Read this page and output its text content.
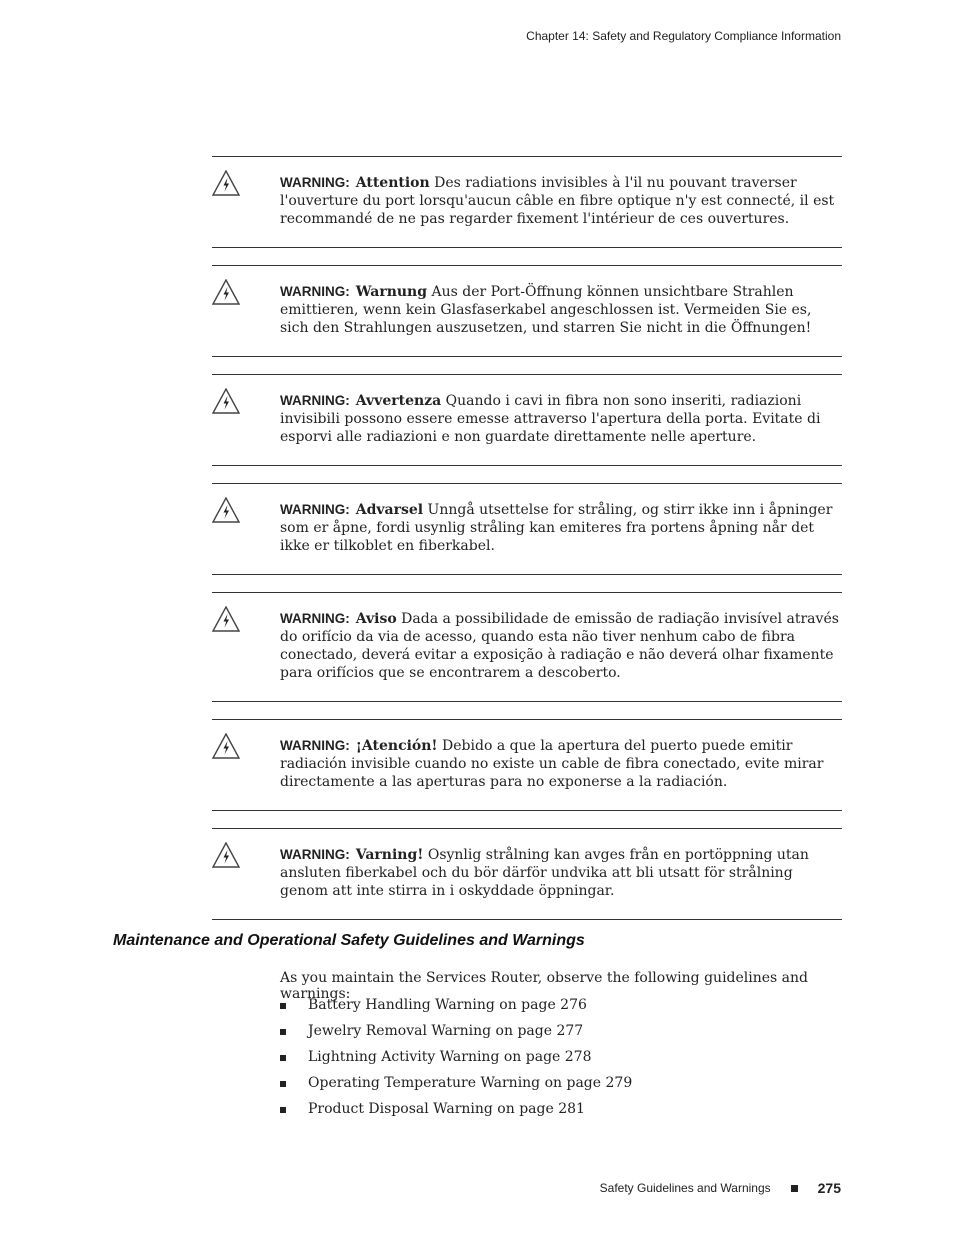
Chapter 14: Safety and Regulatory Compliance Information
WARNING: Attention Des radiations invisibles à l'il nu pouvant traverser l'ouverture du port lorsqu'aucun câble en fibre optique n'y est connecté, il est recommandé de ne pas regarder fixement l'intérieur de ces ouvertures.
WARNING: Warnung Aus der Port-Öffnung können unsichtbare Strahlen emittieren, wenn kein Glasfaserkabel angeschlossen ist. Vermeiden Sie es, sich den Strahlungen auszusetzen, und starren Sie nicht in die Öffnungen!
WARNING: Avvertenza Quando i cavi in fibra non sono inseriti, radiazioni invisibili possono essere emesse attraverso l'apertura della porta. Evitate di esporvi alle radiazioni e non guardate direttamente nelle aperture.
WARNING: Advarsel Unngå utsettelse for stråling, og stirr ikke inn i åpninger som er åpne, fordi usynlig stråling kan emiteres fra portens åpning når det ikke er tilkoblet en fiberkabel.
WARNING: Aviso Dada a possibilidade de emissão de radiação invisível através do orifício da via de acesso, quando esta não tiver nenhum cabo de fibra conectado, deverá evitar a exposição à radiação e não deverá olhar fixamente para orifícios que se encontrarem a descoberto.
WARNING: ¡Atención! Debido a que la apertura del puerto puede emitir radiación invisible cuando no existe un cable de fibra conectado, evite mirar directamente a las aperturas para no exponerse a la radiación.
WARNING: Varning! Osynlig strålning kan avges från en portöppning utan ansluten fiberkabel och du bör därför undvika att bli utsatt för strålning genom att inte stirra in i oskyddade öppningar.
Maintenance and Operational Safety Guidelines and Warnings
As you maintain the Services Router, observe the following guidelines and warnings:
Battery Handling Warning on page 276
Jewelry Removal Warning on page 277
Lightning Activity Warning on page 278
Operating Temperature Warning on page 279
Product Disposal Warning on page 281
Safety Guidelines and Warnings	275
